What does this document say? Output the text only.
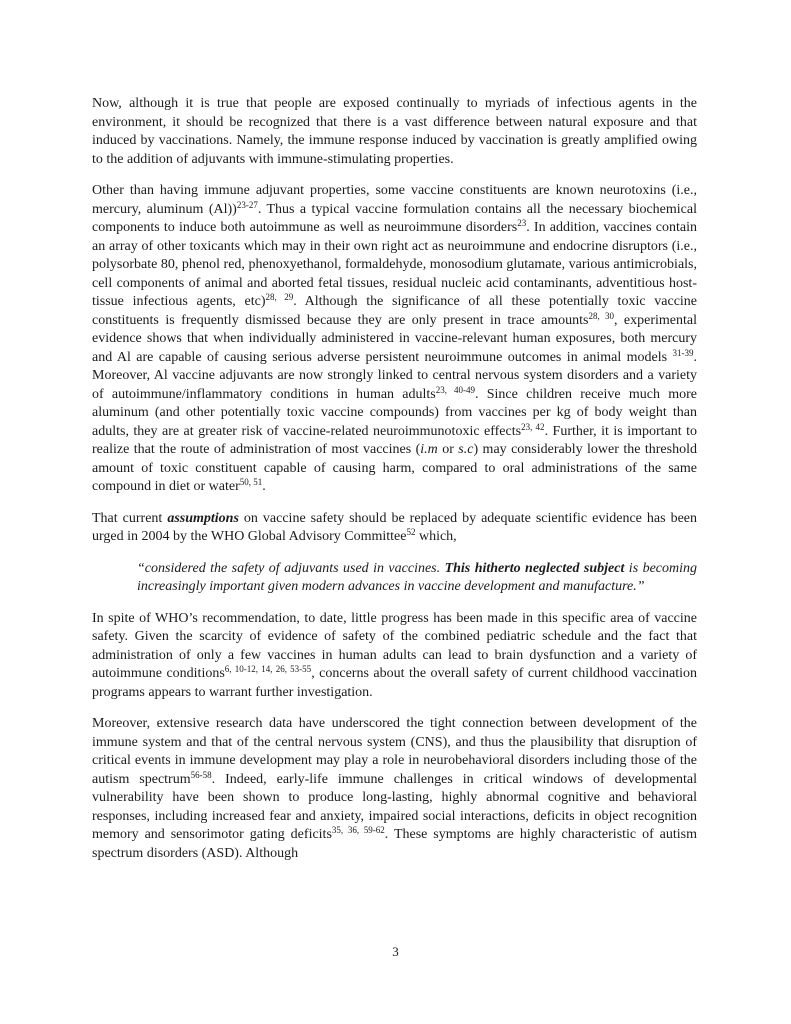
Now, although it is true that people are exposed continually to myriads of infectious agents in the environment, it should be recognized that there is a vast difference between natural exposure and that induced by vaccinations. Namely, the immune response induced by vaccination is greatly amplified owing to the addition of adjuvants with immune-stimulating properties.

Other than having immune adjuvant properties, some vaccine constituents are known neurotoxins (i.e., mercury, aluminum (Al))$^{23-27}$. Thus a typical vaccine formulation contains all the necessary biochemical components to induce both autoimmune as well as neuroimmune disorders$^{23}$. In addition, vaccines contain an array of other toxicants which may in their own right act as neuroimmune and endocrine disruptors (i.e., polysorbate 80, phenol red, phenoxyethanol, formaldehyde, monosodium glutamate, various antimicrobials, cell components of animal and aborted fetal tissues, residual nucleic acid contaminants, adventitious host-tissue infectious agents, etc)$^{28, 29}$. Although the significance of all these potentially toxic vaccine constituents is frequently dismissed because they are only present in trace amounts$^{28, 30}$, experimental evidence shows that when individually administered in vaccine-relevant human exposures, both mercury and Al are capable of causing serious adverse persistent neuroimmune outcomes in animal models $^{31-39}$. Moreover, Al vaccine adjuvants are now strongly linked to central nervous system disorders and a variety of autoimmune/inflammatory conditions in human adults$^{23, 40-49}$. Since children receive much more aluminum (and other potentially toxic vaccine compounds) from vaccines per kg of body weight than adults, they are at greater risk of vaccine-related neuroimmunotoxic effects$^{23, 42}$. Further, it is important to realize that the route of administration of most vaccines (i.m or s.c) may considerably lower the threshold amount of toxic constituent capable of causing harm, compared to oral administrations of the same compound in diet or water$^{50, 51}$.

That current assumptions on vaccine safety should be replaced by adequate scientific evidence has been urged in 2004 by the WHO Global Advisory Committee$^{52}$ which,

“considered the safety of adjuvants used in vaccines. This hitherto neglected subject is becoming increasingly important given modern advances in vaccine development and manufacture.”

In spite of WHO’s recommendation, to date, little progress has been made in this specific area of vaccine safety. Given the scarcity of evidence of safety of the combined pediatric schedule and the fact that administration of only a few vaccines in human adults can lead to brain dysfunction and a variety of autoimmune conditions$^{6, 10-12, 14, 26, 53-55}$, concerns about the overall safety of current childhood vaccination programs appears to warrant further investigation.

Moreover, extensive research data have underscored the tight connection between development of the immune system and that of the central nervous system (CNS), and thus the plausibility that disruption of critical events in immune development may play a role in neurobehavioral disorders including those of the autism spectrum$^{56-58}$. Indeed, early-life immune challenges in critical windows of developmental vulnerability have been shown to produce long-lasting, highly abnormal cognitive and behavioral responses, including increased fear and anxiety, impaired social interactions, deficits in object recognition memory and sensorimotor gating deficits$^{35, 36, 59-62}$. These symptoms are highly characteristic of autism spectrum disorders (ASD). Although

3
